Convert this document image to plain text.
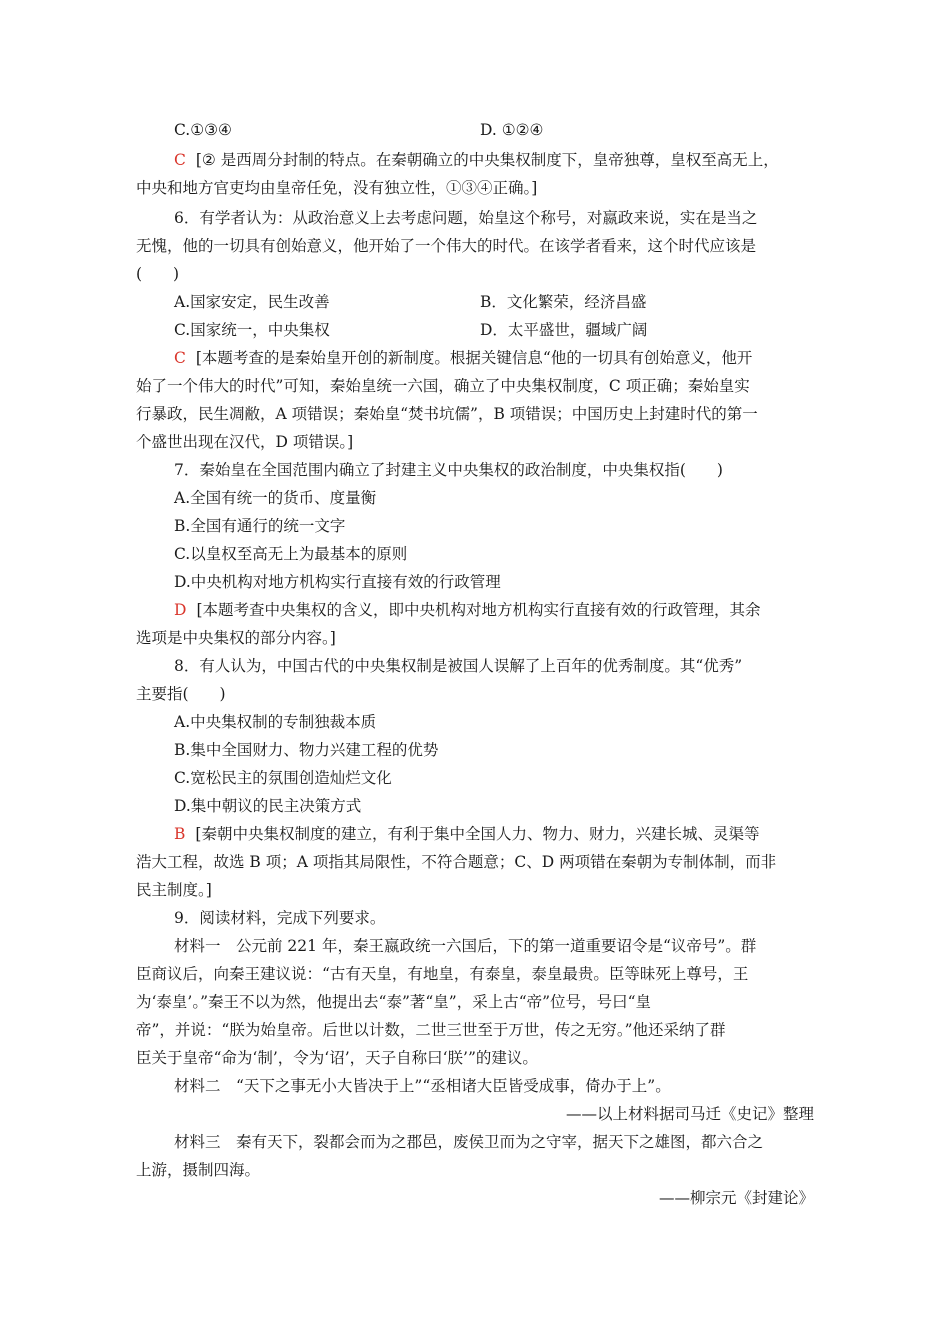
C.①③④	D. ①②④
C [② 是西周分封制的特点。在秦朝确立的中央集权制度下，皇帝独尊，皇权至高无上，
中央和地方官吏均由皇帝任免，没有独立性，①③④正确。]
6．有学者认为：从政治意义上去考虑问题，始皇这个称号，对嬴政来说，实在是当之
无愧，他的一切具有创始意义，他开始了一个伟大的时代。在该学者看来，这个时代应该是
(　　)
A.国家安定，民生改善	B．文化繁荣，经济昌盛
C.国家统一，中央集权	D．太平盛世，疆域广阔
C [本题考查的是秦始皇开创的新制度。根据关键信息“他的一切具有创始意义，他开
始了一个伟大的时代”可知，秦始皇统一六国，确立了中央集权制度，C 项正确；秦始皇实
行暴政，民生凋敝，A 项错误；秦始皇“焚书坑儒”，B 项错误；中国历史上封建时代的第一
个盛世出现在汉代，D 项错误。]
7．秦始皇在全国范围内确立了封建主义中央集权的政治制度，中央集权指(　　)
A.全国有统一的货币、度量衡
B.全国有通行的统一文字
C.以皇权至高无上为最基本的原则
D.中央机构对地方机构实行直接有效的行政管理
D [本题考查中央集权的含义，即中央机构对地方机构实行直接有效的行政管理，其余
选项是中央集权的部分内容。]
8．有人认为，中国古代的中央集权制是被国人误解了上百年的优秀制度。其“优秀”
主要指(　　)
A.中央集权制的专制独裁本质
B.集中全国财力、物力兴建工程的优势
C.宽松民主的氛围创造灿烂文化
D.集中朝议的民主决策方式
B [秦朝中央集权制度的建立，有利于集中全国人力、物力、财力，兴建长城、灵渠等
浩大工程，故选 B 项；A 项指其局限性，不符合题意；C、D 两项错在秦朝为专制体制，而非
民主制度。]
9．阅读材料，完成下列要求。
材料一　公元前 221 年，秦王嬴政统一六国后，下的第一道重要诏令是“议帝号”。群
臣商议后，向秦王建议说：“古有天皇，有地皇，有泰皇，泰皇最贵。臣等昧死上尊号，王
为‘泰皇’。”秦王不以为然，他提出去“泰”著“皇”，采上古“帝”位号，号曰“皇
帝”，并说：“朕为始皇帝。后世以计数，二世三世至于万世，传之无穷。”他还采纳了群
臣关于皇帝“命为‘制’，令为‘诏’，天子自称曰‘朕’”的建议。
材料二　“天下之事无小大皆决于上”“丞相诸大臣皆受成事，倚办于上”。
——以上材料据司马迁《史记》整理
材料三　秦有天下，裂都会而为之郡邑，废侯卫而为之守宰，据天下之雄图，都六合之
上游，摄制四海。
——柳宗元《封建论》
